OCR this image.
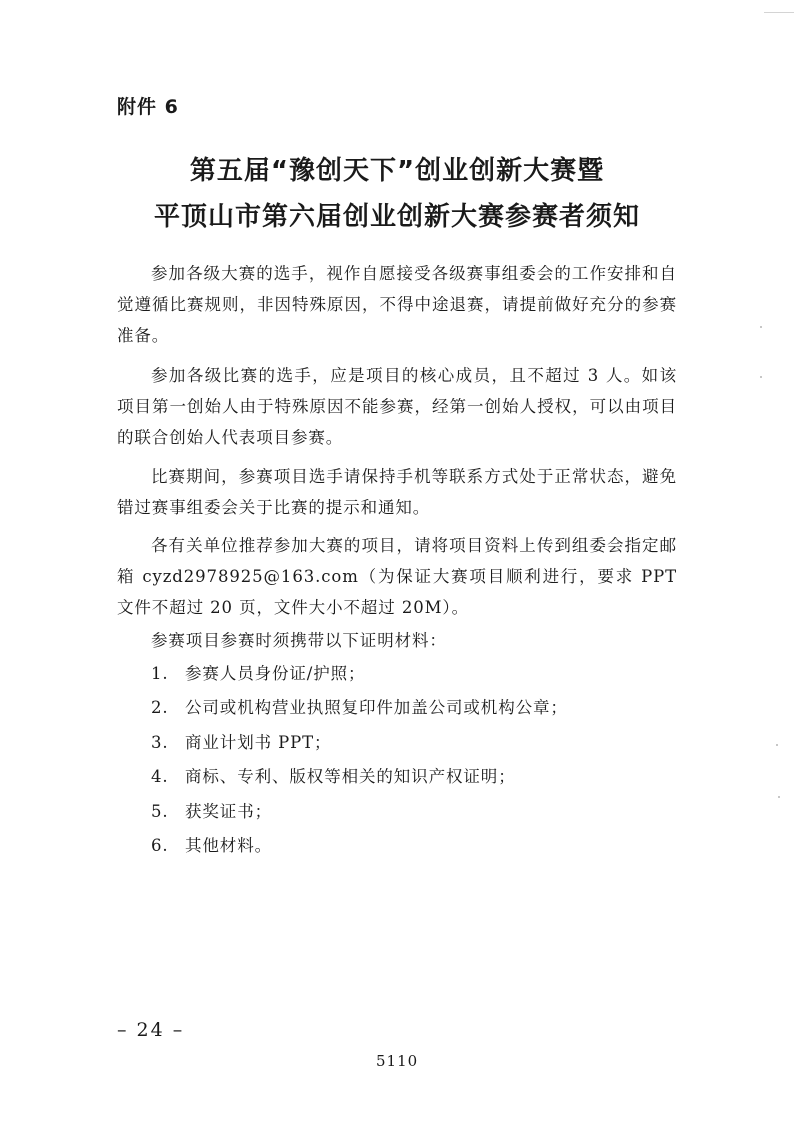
附件 6
第五届“豫创天下”创业创新大赛暨
平顶山市第六届创业创新大赛参赛者须知

参加各级大赛的选手，视作自愿接受各级赛事组委会的工作安排和自觉遵循比赛规则，非因特殊原因，不得中途退赛，请提前做好充分的参赛准备。

参加各级比赛的选手，应是项目的核心成员，且不超过 3 人。如该项目第一创始人由于特殊原因不能参赛，经第一创始人授权，可以由项目的联合创始人代表项目参赛。

比赛期间，参赛项目选手请保持手机等联系方式处于正常状态，避免错过赛事组委会关于比赛的提示和通知。

各有关单位推荐参加大赛的项目，请将项目资料上传到组委会指定邮箱 cyzd2978925@163.com（为保证大赛项目顺利进行，要求 PPT 文件不超过 20 页，文件大小不超过 20M）。

参赛项目参赛时须携带以下证明材料：

1. 参赛人员身份证/护照；
2. 公司或机构营业执照复印件加盖公司或机构公章；
3. 商业计划书 PPT；
4. 商标、专利、版权等相关的知识产权证明；
5. 获奖证书；
6. 其他材料。
– 24 –
5110
